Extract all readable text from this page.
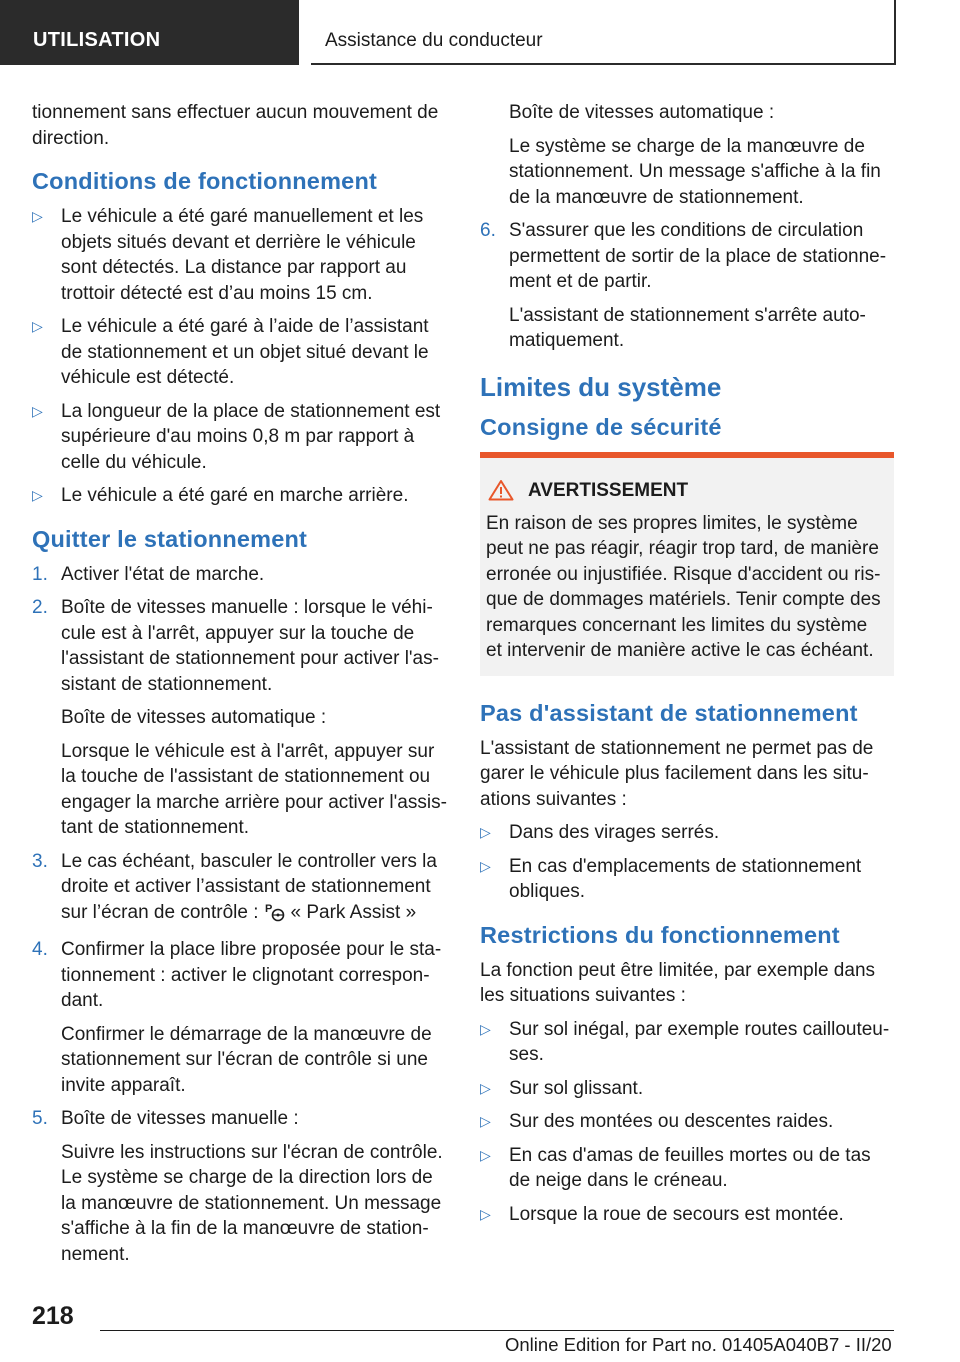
UTILISATION	Assistance du conducteur

tionnement sans effectuer aucun mouvement de direction.

Conditions de fonctionnement
▷ Le véhicule a été garé manuellement et les objets situés devant et derrière le véhicule sont détectés. La distance par rapport au trottoir détecté est d’au moins 15 cm.
▷ Le véhicule a été garé à l’aide de l’assistant de stationnement et un objet situé devant le véhicule est détecté.
▷ La longueur de la place de stationnement est supérieure d'au moins 0,8 m par rapport à celle du véhicule.
▷ Le véhicule a été garé en marche arrière.
Quitter le stationnement
1. Activer l'état de marche.
2. Boîte de vitesses manuelle : lorsque le véhicule est à l'arrêt, appuyer sur la touche de l'assistant de stationnement pour activer l'assistant de stationnement.
Boîte de vitesses automatique :
Lorsque le véhicule est à l'arrêt, appuyer sur la touche de l'assistant de stationnement ou engager la marche arrière pour activer l'assistant de stationnement.
3. Le cas échéant, basculer le controller vers la droite et activer l’assistant de stationnement sur l’écran de contrôle : P « Park Assist »
4. Confirmer la place libre proposée pour le stationnement : activer le clignotant correspondant.
Confirmer le démarrage de la manœuvre de stationnement sur l'écran de contrôle si une invite apparaît.
5. Boîte de vitesses manuelle :
Suivre les instructions sur l'écran de contrôle. Le système se charge de la direction lors de la manœuvre de stationnement. Un message s'affiche à la fin de la manœuvre de stationnement.
Boîte de vitesses automatique :
Le système se charge de la manœuvre de stationnement. Un message s'affiche à la fin de la manœuvre de stationnement.
6. S'assurer que les conditions de circulation permettent de sortir de la place de stationnement et de partir.
L'assistant de stationnement s'arrête automatiquement.
Limites du système
Consigne de sécurité
AVERTISSEMENT
En raison de ses propres limites, le système peut ne pas réagir, réagir trop tard, de manière erronée ou injustifiée. Risque d'accident ou risque de dommages matériels. Tenir compte des remarques concernant les limites du système et intervenir de manière active le cas échéant.
Pas d'assistant de stationnement

L'assistant de stationnement ne permet pas de garer le véhicule plus facilement dans les situations suivantes :

▷ Dans des virages serrés.
▷ En cas d'emplacements de stationnement obliques.
Restrictions du fonctionnement

La fonction peut être limitée, par exemple dans les situations suivantes :

▷ Sur sol inégal, par exemple routes caillouteuses.
▷ Sur sol glissant.
▷ Sur des montées ou descentes raides.
▷ En cas d'amas de feuilles mortes ou de tas de neige dans le créneau.
▷ Lorsque la roue de secours est montée.
218
Online Edition for Part no. 01405A040B7 - II/20
